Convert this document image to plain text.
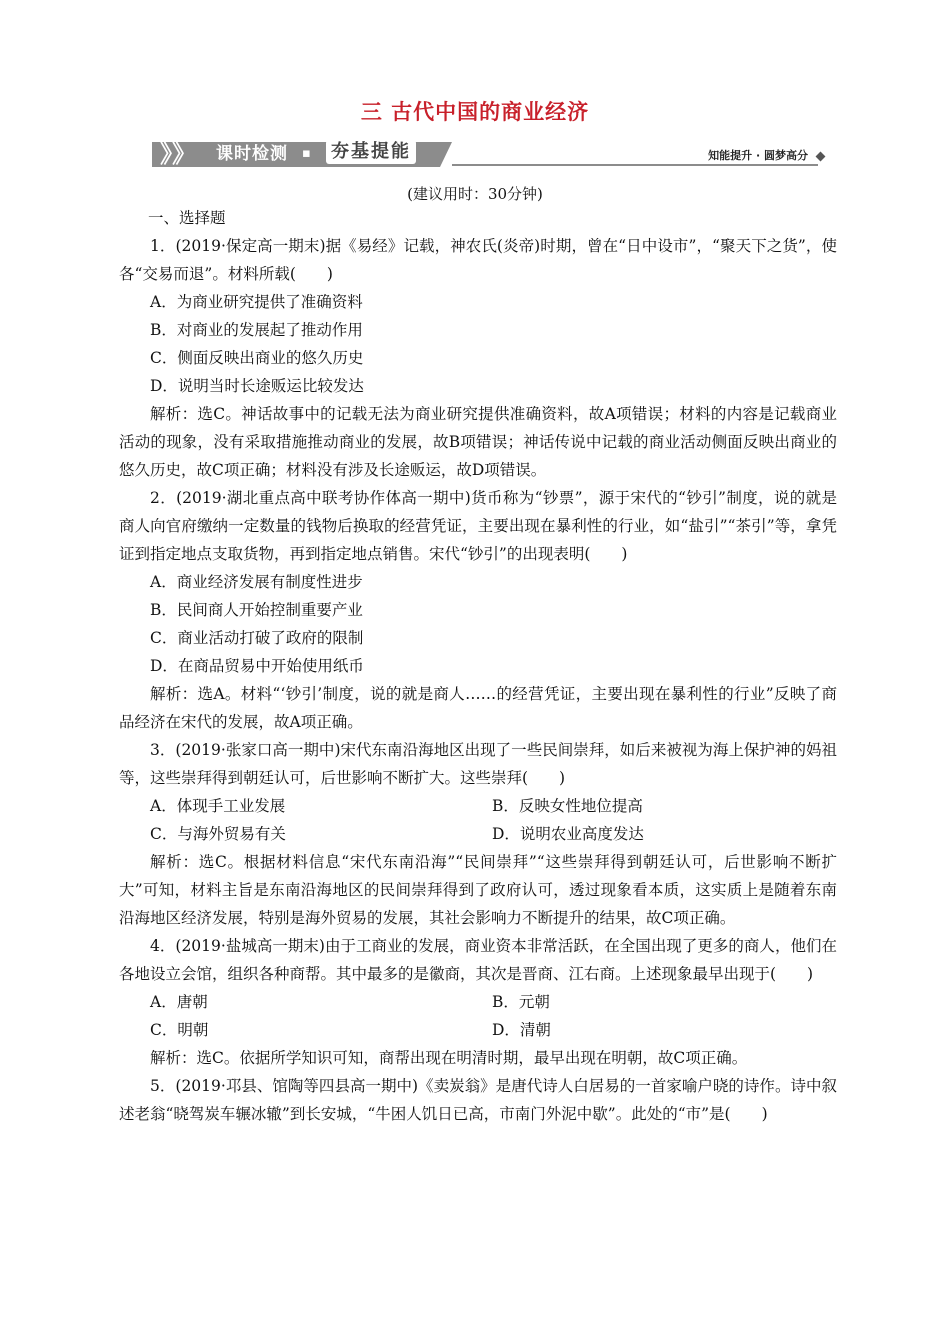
三 古代中国的商业经济
》》 课时检测 ▪ 夯基提能	知能提升 · 圆梦高分
(建议用时：30分钟)

一、选择题

1．(2019·保定高一期末)据《易经》记载，神农氏(炎帝)时期，曾在“日中设市”，“聚天下之货”，使各“交易而退”。材料所载(　　)

A．为商业研究提供了准确资料

B．对商业的发展起了推动作用

C．侧面反映出商业的悠久历史

D．说明当时长途贩运比较发达

解析：选C。神话故事中的记载无法为商业研究提供准确资料，故A项错误；材料的内容是记载商业活动的现象，没有采取措施推动商业的发展，故B项错误；神话传说中记载的商业活动侧面反映出商业的悠久历史，故C项正确；材料没有涉及长途贩运，故D项错误。

2．(2019·湖北重点高中联考协作体高一期中)货币称为“钞票”，源于宋代的“钞引”制度，说的就是商人向官府缴纳一定数量的钱物后换取的经营凭证，主要出现在暴利性的行业，如“盐引”“茶引”等，拿凭证到指定地点支取货物，再到指定地点销售。宋代“钞引”的出现表明(　　)

A．商业经济发展有制度性进步

B．民间商人开始控制重要产业

C．商业活动打破了政府的限制

D．在商品贸易中开始使用纸币

解析：选A。材料“‘钞引’制度，说的就是商人……的经营凭证，主要出现在暴利性的行业”反映了商品经济在宋代的发展，故A项正确。

3．(2019·张家口高一期中)宋代东南沿海地区出现了一些民间崇拜，如后来被视为海上保护神的妈祖等，这些崇拜得到朝廷认可，后世影响不断扩大。这些崇拜(　　)

A．体现手工业发展	B．反映女性地位提高
C．与海外贸易有关	D．说明农业高度发达

解析：选C。根据材料信息“宋代东南沿海”“民间崇拜”“这些崇拜得到朝廷认可，后世影响不断扩大”可知，材料主旨是东南沿海地区的民间崇拜得到了政府认可，透过现象看本质，这实质上是随着东南沿海地区经济发展，特别是海外贸易的发展，其社会影响力不断提升的结果，故C项正确。

4．(2019·盐城高一期末)由于工商业的发展，商业资本非常活跃，在全国出现了更多的商人，他们在各地设立会馆，组织各种商帮。其中最多的是徽商，其次是晋商、江右商。上述现象最早出现于(　　)

A．唐朝	B．元朝
C．明朝	D．清朝

解析：选C。依据所学知识可知，商帮出现在明清时期，最早出现在明朝，故C项正确。

5．(2019·邛县、馆陶等四县高一期中)《卖炭翁》是唐代诗人白居易的一首家喻户晓的诗作。诗中叙述老翁“晓驾炭车辗冰辙”到长安城，“牛困人饥日已高，市南门外泥中歇”。此处的“市”是(　　)
